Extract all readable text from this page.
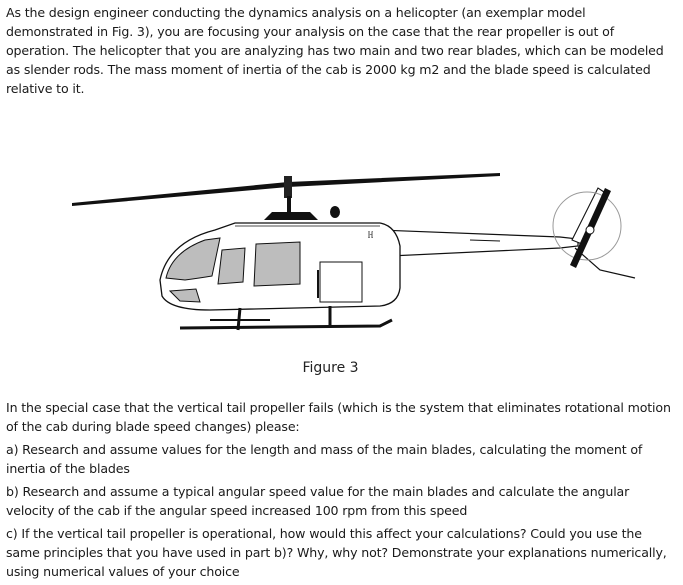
As the design engineer conducting the dynamics analysis on a helicopter (an exemplar model
demonstrated in Fig. 3), you are focusing your analysis on the case that the rear propeller is out of
operation. The helicopter that you are analyzing has two main and two rear blades, which can be modeled
as slender rods. The mass moment of inertia of the cab is 2000 kg m2 and the blade speed is calculated
relative to it.
ℍ
Figure 3

In the special case that the vertical tail propeller fails (which is the system that eliminates rotational motion

of the cab during blade speed changes) please:

a) Research and assume values for the length and mass of the main blades, calculating the moment of

inertia of the blades

b) Research and assume a typical angular speed value for the main blades and calculate the angular

velocity of the cab if the angular speed increased 100 rpm from this speed

c) If the vertical tail propeller is operational, how would this affect your calculations? Could you use the

same principles that you have used in part b)? Why, why not? Demonstrate your explanations numerically,

using numerical values of your choice
